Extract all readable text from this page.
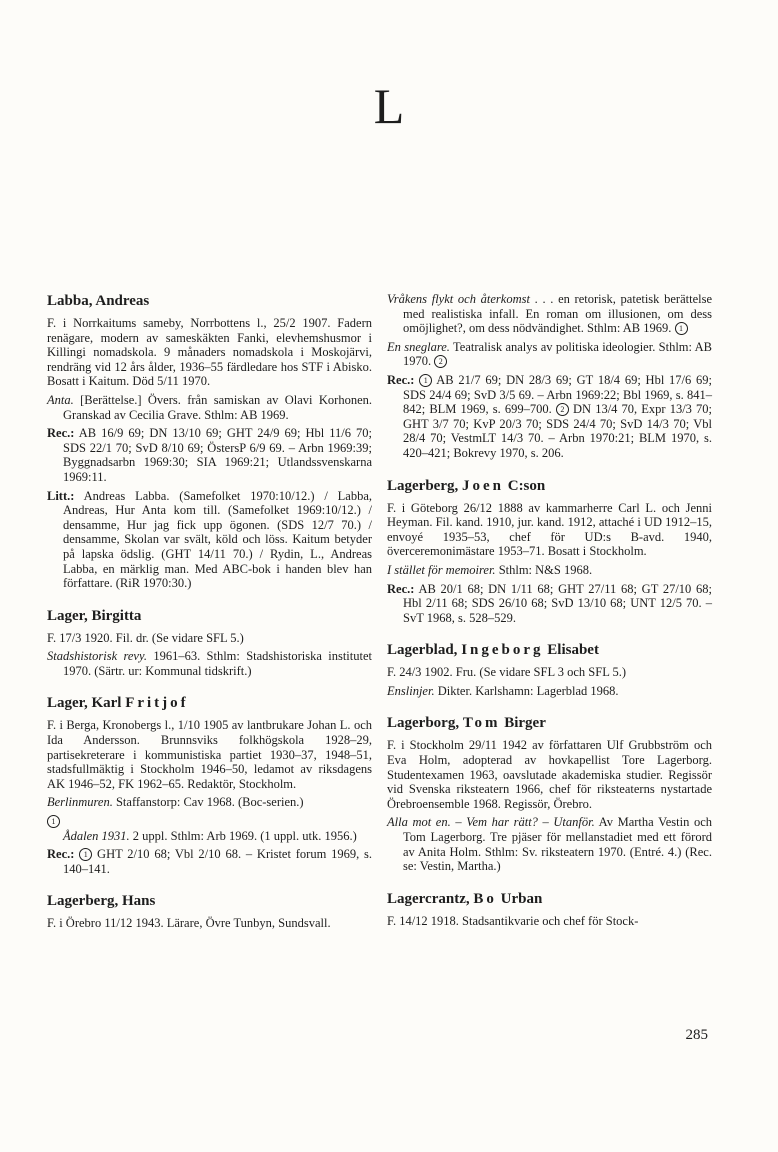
L
Labba, Andreas

F. i Norrkaitums sameby, Norrbottens l., 25/2 1907. Fadern renägare, modern av sameskäkten Fanki, elevhemshusmor i Killingi nomadskola. 9 månaders nomadskola i Moskojärvi, rendräng vid 12 års ålder, 1936–55 färdledare hos STF i Abisko. Bosatt i Kaitum. Död 5/11 1970.

Anta. [Berättelse.] Övers. från samiskan av Olavi Korhonen. Granskad av Cecilia Grave. Sthlm: AB 1969.

Rec.: AB 16/9 69; DN 13/10 69; GHT 24/9 69; Hbl 11/6 70; SDS 22/1 70; SvD 8/10 69; ÖstersP 6/9 69. – Arbn 1969:39; Byggnadsarbn 1969:30; SIA 1969:21; Utlandssvenskarna 1969:11.

Litt.: Andreas Labba. (Samefolket 1970:10/12.) / Labba, Andreas, Hur Anta kom till. (Samefolket 1969:10/12.) / densamme, Hur jag fick upp ögonen. (SDS 12/7 70.) / densamme, Skolan var svält, köld och löss. Kaitum betyder på lapska ödslig. (GHT 14/11 70.) / Rydin, L., Andreas Labba, en märklig man. Med ABC-bok i handen blev han författare. (RiR 1970:30.)

Lager, Birgitta

F. 17/3 1920. Fil. dr. (Se vidare SFL 5.)

Stadshistorisk revy. 1961–63. Sthlm: Stadshistoriska institutet 1970. (Särtr. ur: Kommunal tidskrift.)

Lager, Karl Fritjof

F. i Berga, Kronobergs l., 1/10 1905 av lantbrukare Johan L. och Ida Andersson. Brunnsviks folkhögskola 1928–29, partisekreterare i kommunistiska partiet 1930–37, 1948–51, stadsfullmäktig i Stockholm 1946–50, ledamot av riksdagens AK 1946–52, FK 1962–65. Redaktör, Stockholm.

Berlinmuren. Staffanstorp: Cav 1968. (Boc-serien.)

1
Ådalen 1931. 2 uppl. Sthlm: Arb 1969. (1 uppl. utk. 1956.)

Rec.: 1 GHT 2/10 68; Vbl 2/10 68. – Kristet forum 1969, s. 140–141.

Lagerberg, Hans

F. i Örebro 11/12 1943. Lärare, Övre Tunbyn, Sundsvall.

Vråkens flykt och återkomst . . . en retorisk, patetisk berättelse med realistiska infall. En roman om illusionen, om dess omöjlighet?, om dess nödvändighet. Sthlm: AB 1969. 1

En sneglare. Teatralisk analys av politiska ideologier. Sthlm: AB 1970. 2

Rec.: 1 AB 21/7 69; DN 28/3 69; GT 18/4 69; Hbl 17/6 69; SDS 24/4 69; SvD 3/5 69. – Arbn 1969:22; Bbl 1969, s. 841–842; BLM 1969, s. 699–700. 2 DN 13/4 70, Expr 13/3 70; GHT 3/7 70; KvP 20/3 70; SDS 24/4 70; SvD 14/3 70; Vbl 28/4 70; VestmLT 14/3 70. – Arbn 1970:21; BLM 1970, s. 420–421; Bokrevy 1970, s. 206.

Lagerberg, Joen C:son

F. i Göteborg 26/12 1888 av kammarherre Carl L. och Jenni Heyman. Fil. kand. 1910, jur. kand. 1912, attaché i UD 1912–15, envoyé 1935–53, chef för UD:s B-avd. 1940, överceremonimästare 1953–71. Bosatt i Stockholm.

I stället för memoirer. Sthlm: N&S 1968.

Rec.: AB 20/1 68; DN 1/11 68; GHT 27/11 68; GT 27/10 68; Hbl 2/11 68; SDS 26/10 68; SvD 13/10 68; UNT 12/5 70. – SvT 1968, s. 528–529.

Lagerblad, Ingeborg Elisabet

F. 24/3 1902. Fru. (Se vidare SFL 3 och SFL 5.)

Enslinjer. Dikter. Karlshamn: Lagerblad 1968.

Lagerborg, Tom Birger

F. i Stockholm 29/11 1942 av författaren Ulf Grubbström och Eva Holm, adopterad av hovkapellist Tore Lagerborg. Studentexamen 1963, oavslutade akademiska studier. Regissör vid Svenska riksteatern 1966, chef för riksteaterns nystartade Örebroensemble 1968. Regissör, Örebro.

Alla mot en. – Vem har rätt? – Utanför. Av Martha Vestin och Tom Lagerborg. Tre pjäser för mellanstadiet med ett förord av Anita Holm. Sthlm: Sv. riksteatern 1970. (Entré. 4.) (Rec. se: Vestin, Martha.)

Lagercrantz, Bo Urban

F. 14/12 1918. Stadsantikvarie och chef för Stock-

285
